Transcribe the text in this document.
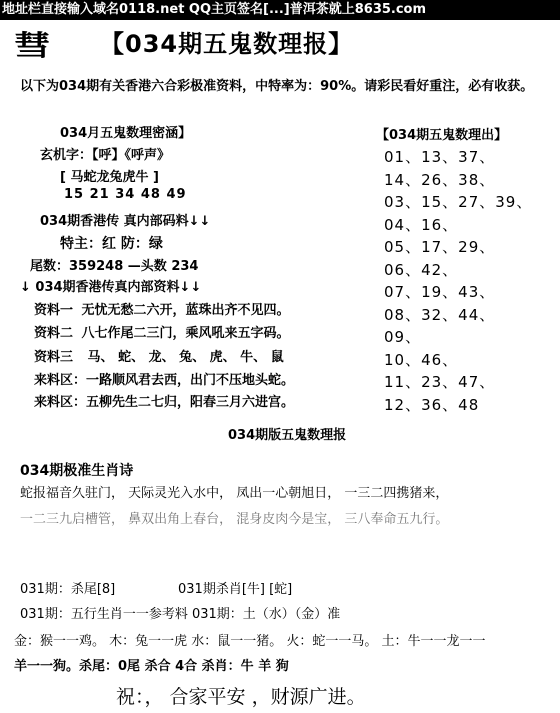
地址栏直接输入域名0118.net QQ主页签名[...]普洱茶就上8635.com
彗 【034期五鬼数理报】
以下为034期有关香港六合彩极准资料，中特率为：90%。请彩民看好重注，必有收获。
034月五鬼数理密涵】
玄机字：【呼】《呼声》
[ 马蛇龙兔虎牛 ]
15 21 34 48 49
034期香港传 真内部码料↓↓
特主：红 防：绿
尾数：359248 —头数 234
↓ 034期香港传真内部资料↓↓
资料一 无忧无愁二六开，蓝珠出齐不见四。
资料二 八七作尾二三门，乘风吼来五字码。
资料三 马、 蛇、 龙、 兔、 虎、 牛、 鼠
来料区：一路顺风君去西，出门不压地头蛇。
来料区：五柳先生二七归，阳春三月六进宫。
【034期五鬼数理出】
01、13、37、
14、26、38、
03、15、27、39、
04、16、
05、17、29、
06、42、
07、19、43、
08、32、44、
09、
10、46、
11、23、47、
12、36、48
034期版五鬼数理报
034期极准生肖诗
蛇报福音久驻门， 天际灵光入水中， 凤出一心朝旭日， 一三二四携猪来，
一二三九启槽管， 鼻双出角上春台， 混身皮肉今是宝， 三八奉命五九行。
031期：杀尾[8]	031期杀肖[牛] [蛇]
031期：五行生肖一一参考料 031期：土（水）（金）准
金：猴一一鸡。 木：兔一一虎 水：鼠一一猪。 火：蛇一一马。 土：牛一一龙一一
羊一一狗。杀尾：0尾 杀合 4合 杀肖：牛 羊 狗
祝：， 合家平安 ，财源广进。
